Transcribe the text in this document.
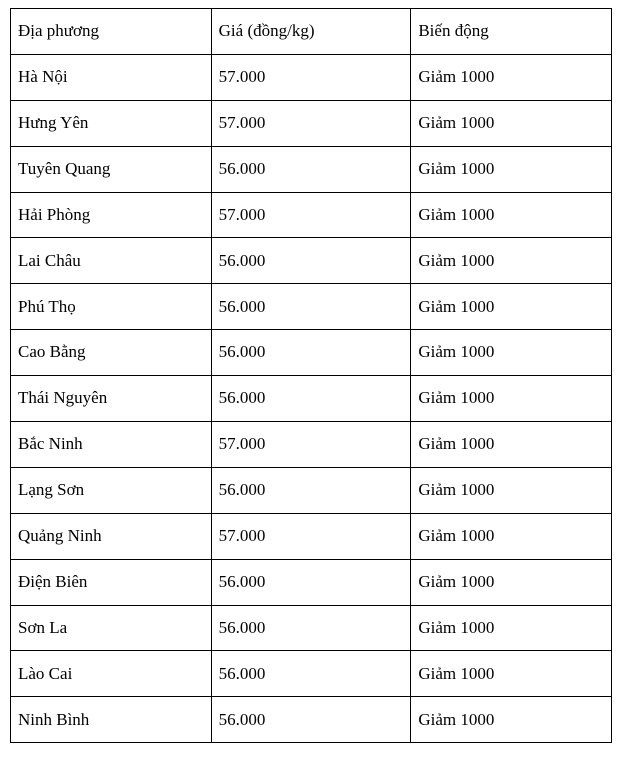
Địa phương	Giá (đồng/kg)	Biến động
Hà Nội	57.000	Giảm 1000
Hưng Yên	57.000	Giảm 1000
Tuyên Quang	56.000	Giảm 1000
Hải Phòng	57.000	Giảm 1000
Lai Châu	56.000	Giảm 1000
Phú Thọ	56.000	Giảm 1000
Cao Bằng	56.000	Giảm 1000
Thái Nguyên	56.000	Giảm 1000
Bắc Ninh	57.000	Giảm 1000
Lạng Sơn	56.000	Giảm 1000
Quảng Ninh	57.000	Giảm 1000
Điện Biên	56.000	Giảm 1000
Sơn La	56.000	Giảm 1000
Lào Cai	56.000	Giảm 1000
Ninh Bình	56.000	Giảm 1000
